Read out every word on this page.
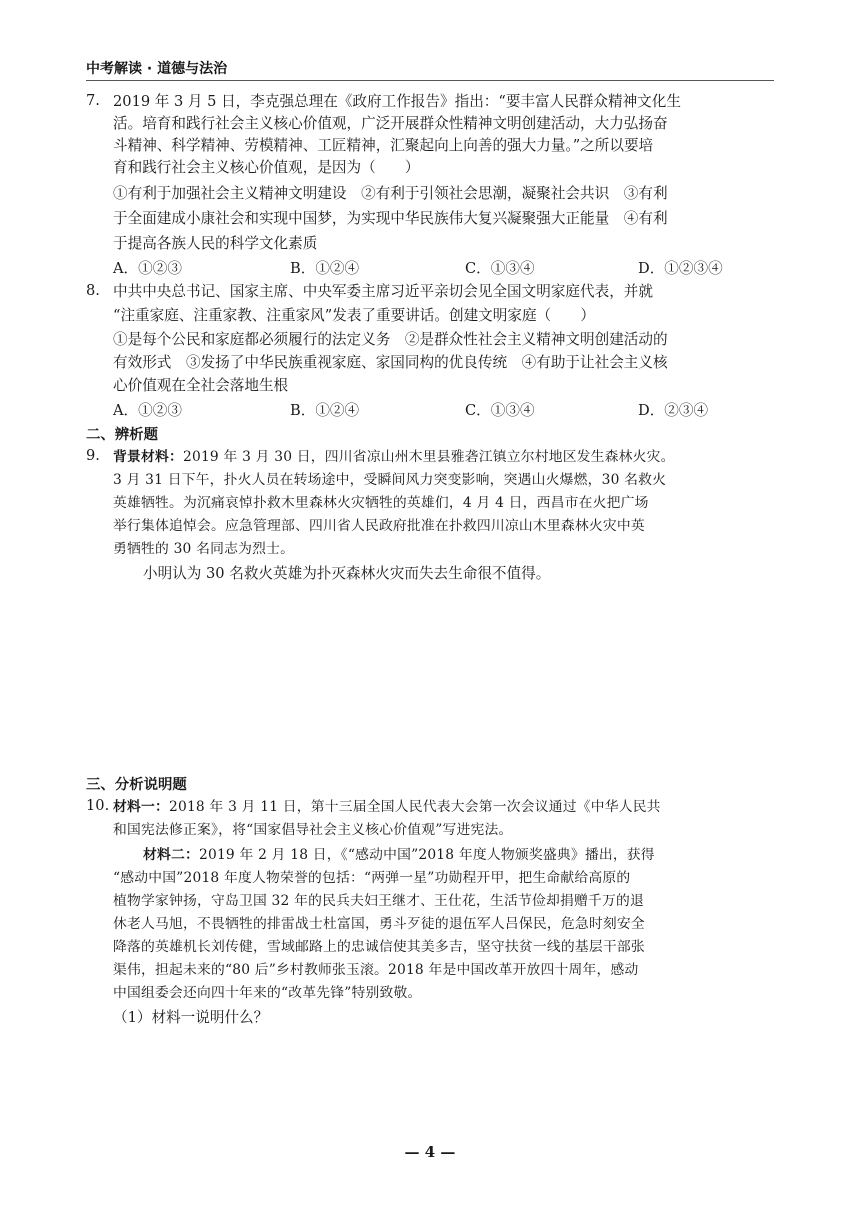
中考解读 · 道德与法治
7. 2019 年 3 月 5 日，李克强总理在《政府工作报告》指出：“要丰富人民群众精神文化生
活。培育和践行社会主义核心价值观，广泛开展群众性精神文明创建活动，大力弘扬奋
斗精神、科学精神、劳模精神、工匠精神，汇聚起向上向善的强大力量。”之所以要培
育和践行社会主义核心价值观，是因为（　　）
①有利于加强社会主义精神文明建设　②有利于引领社会思潮，凝聚社会共识　③有利
于全面建成小康社会和实现中国梦，为实现中华民族伟大复兴凝聚强大正能量　④有利
于提高各族人民的科学文化素质
A．①②③	B．①②④	C．①③④	D．①②③④
8. 中共中央总书记、国家主席、中央军委主席习近平亲切会见全国文明家庭代表，并就
“注重家庭、注重家教、注重家风”发表了重要讲话。创建文明家庭（　　）
①是每个公民和家庭都必须履行的法定义务　②是群众性社会主义精神文明创建活动的
有效形式　③发扬了中华民族重视家庭、家国同构的优良传统　④有助于让社会主义核
心价值观在全社会落地生根
A．①②③	B．①②④	C．①③④	D．②③④
二、辨析题
9. 背景材料：2019 年 3 月 30 日，四川省凉山州木里县雅砻江镇立尔村地区发生森林火灾。
3 月 31 日下午，扑火人员在转场途中，受瞬间风力突变影响，突遇山火爆燃，30 名救火
英雄牺牲。为沉痛哀悼扑救木里森林火灾牺牲的英雄们，4 月 4 日，西昌市在火把广场
举行集体追悼会。应急管理部、四川省人民政府批准在扑救四川凉山木里森林火灾中英
勇牺牲的 30 名同志为烈士。
小明认为 30 名救火英雄为扑灭森林火灾而失去生命很不值得。
三、分析说明题
10. 材料一：2018 年 3 月 11 日，第十三届全国人民代表大会第一次会议通过《中华人民共
和国宪法修正案》，将“国家倡导社会主义核心价值观”写进宪法。
材料二：2019 年 2 月 18 日，《“感动中国”2018 年度人物颁奖盛典》播出，获得
“感动中国”2018 年度人物荣誉的包括：“两弹一星”功勋程开甲，把生命献给高原的
植物学家钟扬，守岛卫国 32 年的民兵夫妇王继才、王仕花，生活节俭却捐赠千万的退
休老人马旭，不畏牺牲的排雷战士杜富国，勇斗歹徒的退伍军人吕保民，危急时刻安全
降落的英雄机长刘传健，雪域邮路上的忠诚信使其美多吉，坚守扶贫一线的基层干部张
渠伟，担起未来的“80 后”乡村教师张玉滚。2018 年是中国改革开放四十周年，感动
中国组委会还向四十年来的“改革先锋”特别致敬。
（1）材料一说明什么？
— 4 —
